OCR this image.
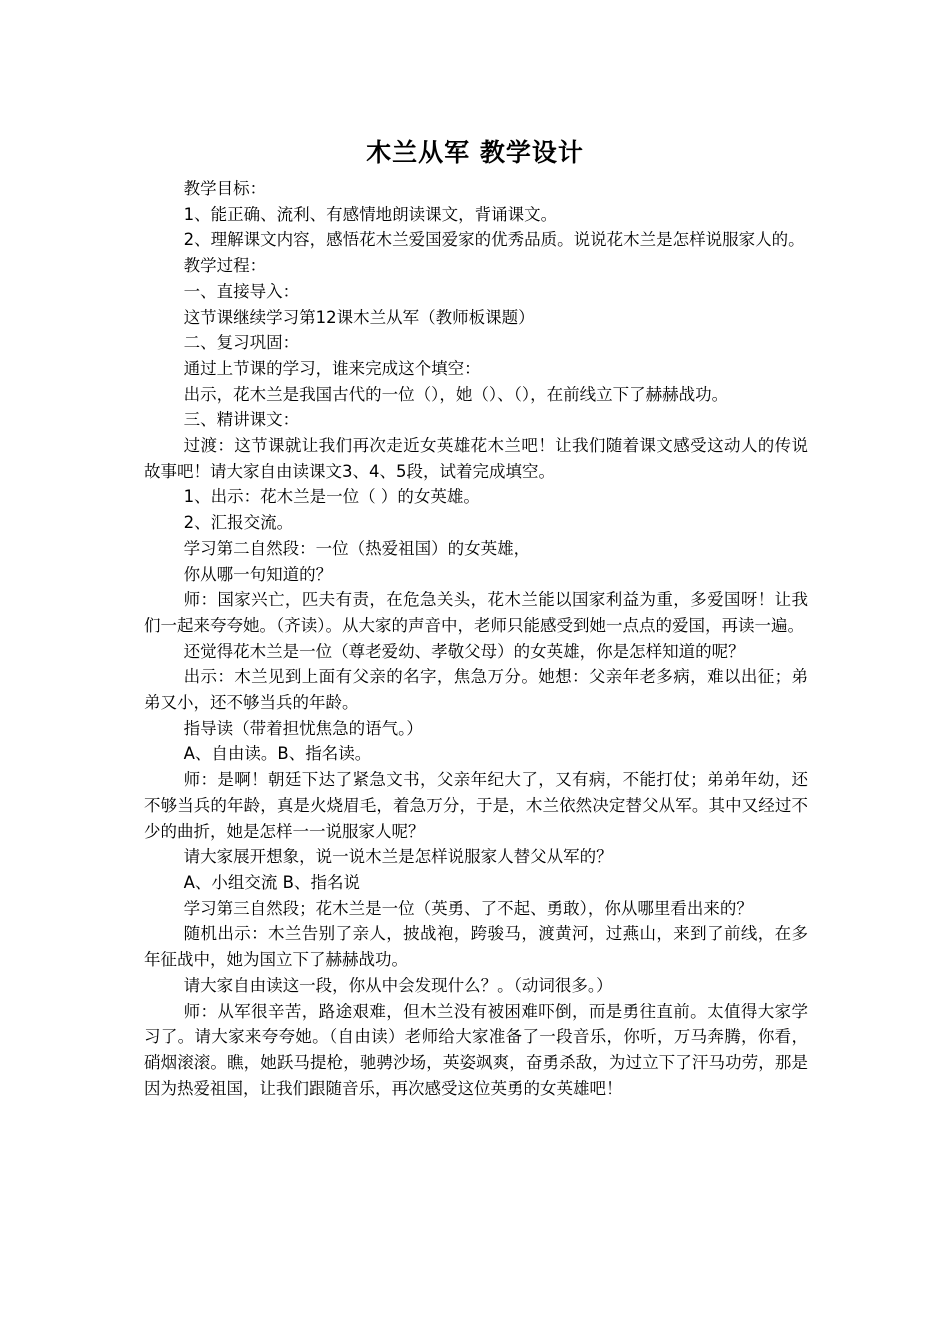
木兰从军 教学设计

教学目标：

1、能正确、流利、有感情地朗读课文，背诵课文。

2、理解课文内容，感悟花木兰爱国爱家的优秀品质。说说花木兰是怎样说服家人的。

教学过程：

一、直接导入：

这节课继续学习第12课木兰从军（教师板课题）

二、复习巩固：

通过上节课的学习，谁来完成这个填空：

出示，花木兰是我国古代的一位（），她（）、（），在前线立下了赫赫战功。

三、精讲课文：

过渡：这节课就让我们再次走近女英雄花木兰吧！让我们随着课文感受这动人的传说故事吧！请大家自由读课文3、4、5段，试着完成填空。

1、出示：花木兰是一位（ ）的女英雄。

2、汇报交流。

学习第二自然段：一位（热爱祖国）的女英雄，

你从哪一句知道的？

师：国家兴亡，匹夫有责，在危急关头，花木兰能以国家利益为重，多爱国呀！让我们一起来夸夸她。（齐读）。从大家的声音中，老师只能感受到她一点点的爱国，再读一遍。

还觉得花木兰是一位（尊老爱幼、孝敬父母）的女英雄，你是怎样知道的呢？

出示：木兰见到上面有父亲的名字，焦急万分。她想：父亲年老多病，难以出征；弟弟又小，还不够当兵的年龄。

指导读（带着担忧焦急的语气。）

A、自由读。B、指名读。

师：是啊！朝廷下达了紧急文书，父亲年纪大了，又有病，不能打仗；弟弟年幼，还不够当兵的年龄，真是火烧眉毛，着急万分，于是，木兰依然决定替父从军。其中又经过不少的曲折，她是怎样一一说服家人呢？

请大家展开想象，说一说木兰是怎样说服家人替父从军的？

A、小组交流 B、指名说

学习第三自然段；花木兰是一位（英勇、了不起、勇敢），你从哪里看出来的？

随机出示：木兰告别了亲人，披战袍，跨骏马，渡黄河，过燕山，来到了前线，在多年征战中，她为国立下了赫赫战功。

请大家自由读这一段，你从中会发现什么？。（动词很多。）

师：从军很辛苦，路途艰难，但木兰没有被困难吓倒，而是勇往直前。太值得大家学习了。请大家来夸夸她。（自由读）老师给大家准备了一段音乐，你听，万马奔腾，你看，硝烟滚滚。瞧，她跃马提枪，驰骋沙场，英姿飒爽，奋勇杀敌，为过立下了汗马功劳，那是因为热爱祖国，让我们跟随音乐，再次感受这位英勇的女英雄吧！
